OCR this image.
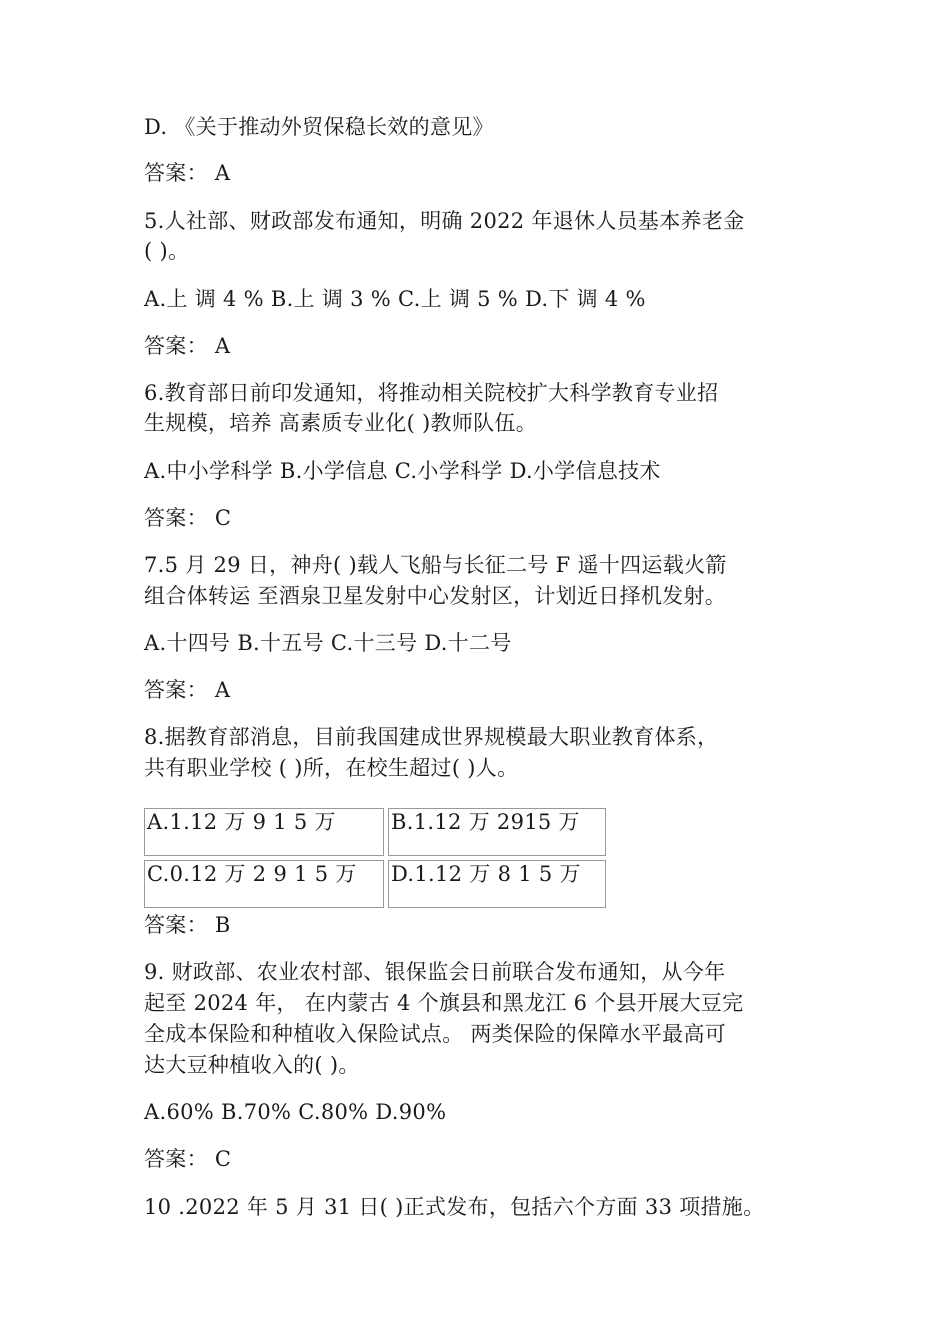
D. 《关于推动外贸保稳长效的意见》
答案： A
5.人社部、财政部发布通知，明确 2022 年退休人员基本养老金
( )。
A.上 调 4 % B.上 调 3 % C.上 调 5 % D.下 调 4 %
答案： A
6.教育部日前印发通知，将推动相关院校扩大科学教育专业招
生规模，培养 高素质专业化( )教师队伍。
A.中小学科学 B.小学信息 C.小学科学 D.小学信息技术
答案： C
7.5 月 29 日，神舟( )载人飞船与长征二号 F 遥十四运载火箭
组合体转运 至酒泉卫星发射中心发射区，计划近日择机发射。
A.十四号 B.十五号 C.十三号 D.十二号
答案： A
8.据教育部消息，目前我国建成世界规模最大职业教育体系，
共有职业学校 ( )所，在校生超过( )人。
A.1.12 万 9 1 5 万	B.1.12 万 2915 万
C.0.12 万 2 9 1 5 万	D.1.12 万 8 1 5 万
答案： B
9. 财政部、农业农村部、银保监会日前联合发布通知，从今年
起至 2024 年， 在内蒙古 4 个旗县和黑龙江 6 个县开展大豆完
全成本保险和种植收入保险试点。 两类保险的保障水平最高可
达大豆种植收入的( )。
A.60% B.70% C.80% D.90%
答案： C
10 .2022 年 5 月 31 日( )正式发布，包括六个方面 33 项措施。
